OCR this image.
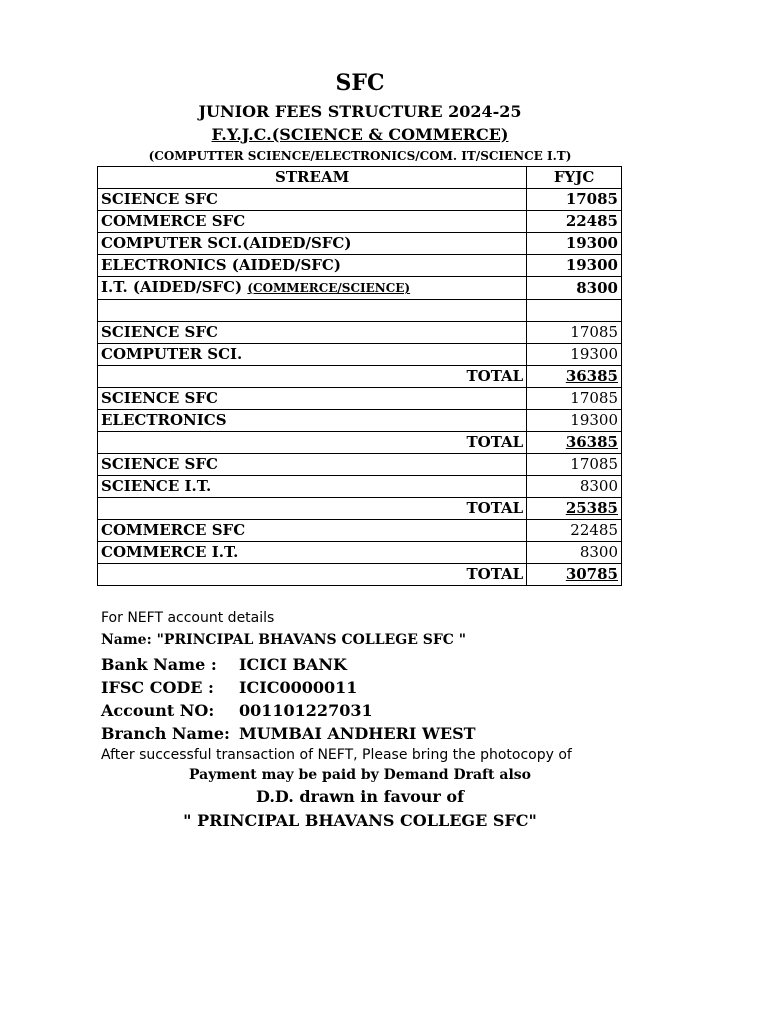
SFC
JUNIOR FEES STRUCTURE 2024-25
F.Y.J.C.(SCIENCE & COMMERCE)
(COMPUTTER SCIENCE/ELECTRONICS/COM. IT/SCIENCE I.T)
STREAM	FYJC
SCIENCE SFC	17085
COMMERCE SFC	22485
COMPUTER SCI.(AIDED/SFC)	19300
ELECTRONICS (AIDED/SFC)	19300
I.T. (AIDED/SFC) (COMMERCE/SCIENCE)	8300

SCIENCE SFC	17085
COMPUTER SCI.	19300
TOTAL	36385
SCIENCE SFC	17085
ELECTRONICS	19300
TOTAL	36385
SCIENCE SFC	17085
SCIENCE I.T.	8300
TOTAL	25385
COMMERCE SFC	22485
COMMERCE I.T.	8300
TOTAL	30785
For NEFT account details
Name: "PRINCIPAL BHAVANS COLLEGE SFC "
Bank Name : ICICI BANK
IFSC CODE : ICIC0000011
Account NO: 001101227031
Branch Name: MUMBAI ANDHERI WEST
After successful transaction of NEFT, Please bring the photocopy of
Payment may be paid by Demand Draft also
D.D. drawn in favour of
" PRINCIPAL BHAVANS COLLEGE SFC"
